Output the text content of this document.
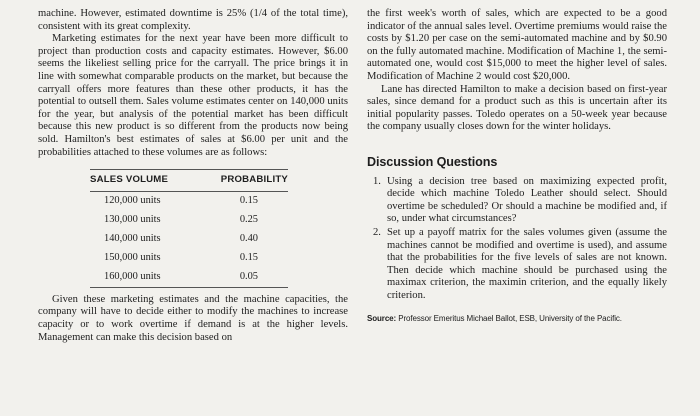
machine. However, estimated downtime is 25% (1/4 of the total time), consistent with its great complexity.

Marketing estimates for the next year have been more difficult to project than production costs and capacity estimates. However, $6.00 seems the likeliest selling price for the carryall. The price brings it in line with somewhat comparable products on the market, but because the carryall offers more features than these other products, it has the potential to outsell them. Sales volume estimates center on 140,000 units for the year, but analysis of the potential market has been difficult because this new product is so different from the products now being sold. Hamilton's best estimates of sales at $6.00 per unit and the probabilities attached to these volumes are as follows:

SALES VOLUME	PROBABILITY
120,000 units	0.15
130,000 units	0.25
140,000 units	0.40
150,000 units	0.15
160,000 units	0.05

Given these marketing estimates and the machine capacities, the company will have to decide either to modify the machines to increase capacity or to work overtime if demand is at the higher levels. Management can make this decision based on

the first week's worth of sales, which are expected to be a good indicator of the annual sales level. Overtime premiums would raise the costs by $1.20 per case on the semi-automated machine and by $0.90 on the fully automated machine. Modification of Machine 1, the semi-automated one, would cost $15,000 to meet the higher level of sales. Modification of Machine 2 would cost $20,000.

Lane has directed Hamilton to make a decision based on first-year sales, since demand for a product such as this is uncertain after its initial popularity passes. Toledo operates on a 50-week year because the company usually closes down for the winter holidays.

Discussion Questions
1. Using a decision tree based on maximizing expected profit, decide which machine Toledo Leather should select. Should overtime be scheduled? Or should a machine be modified and, if so, under what circumstances?
2. Set up a payoff matrix for the sales volumes given (assume the machines cannot be modified and overtime is used), and assume that the probabilities for the five levels of sales are not known. Then decide which machine should be purchased using the maximax criterion, the maximin criterion, and the equally likely criterion.
Source: Professor Emeritus Michael Ballot, ESB, University of the Pacific.
